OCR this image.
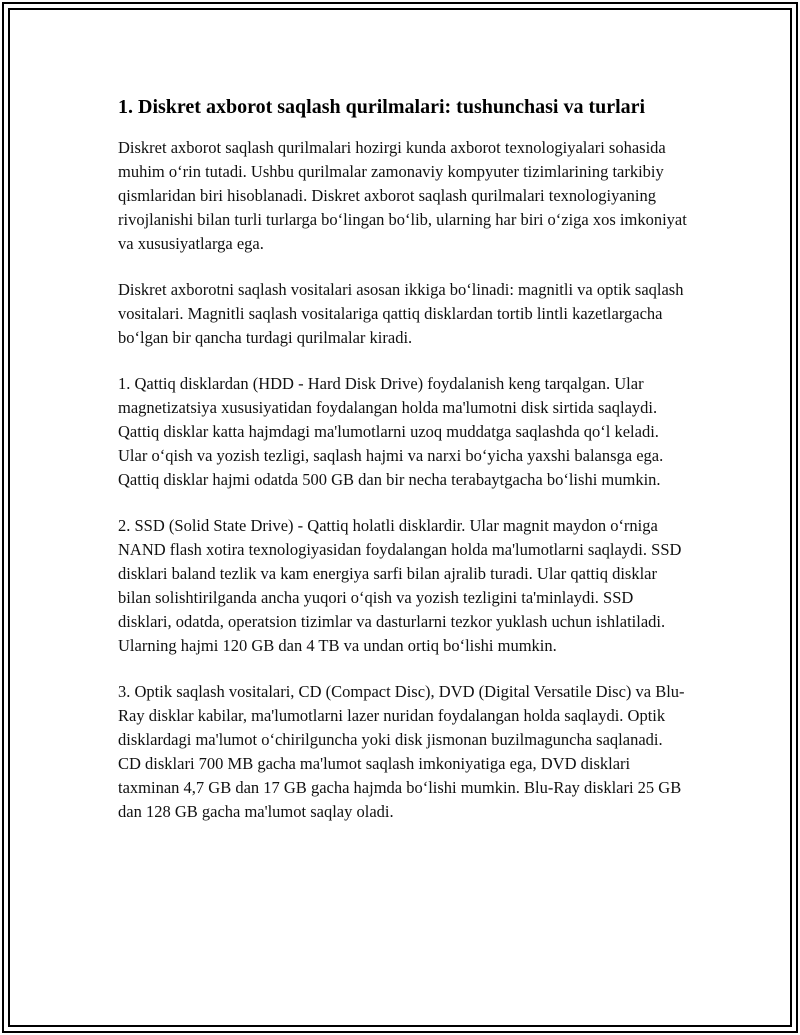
1. Diskret axborot saqlash qurilmalari: tushunchasi va turlari

Diskret axborot saqlash qurilmalari hozirgi kunda axborot texnologiyalari sohasida muhim o‘rin tutadi. Ushbu qurilmalar zamonaviy kompyuter tizimlarining tarkibiy qismlaridan biri hisoblanadi. Diskret axborot saqlash qurilmalari texnologiyaning rivojlanishi bilan turli turlarga bo‘lingan bo‘lib, ularning har biri o‘ziga xos imkoniyat va xususiyatlarga ega.

Diskret axborotni saqlash vositalari asosan ikkiga bo‘linadi: magnitli va optik saqlash vositalari. Magnitli saqlash vositalariga qattiq disklardan tortib lintli kazetlargacha bo‘lgan bir qancha turdagi qurilmalar kiradi.

1. Qattiq disklardan (HDD - Hard Disk Drive) foydalanish keng tarqalgan. Ular magnetizatsiya xususiyatidan foydalangan holda ma'lumotni disk sirtida saqlaydi. Qattiq disklar katta hajmdagi ma'lumotlarni uzoq muddatga saqlashda qo‘l keladi. Ular o‘qish va yozish tezligi, saqlash hajmi va narxi bo‘yicha yaxshi balansga ega. Qattiq disklar hajmi odatda 500 GB dan bir necha terabaytgacha bo‘lishi mumkin.

2. SSD (Solid State Drive) - Qattiq holatli disklardir. Ular magnit maydon o‘rniga NAND flash xotira texnologiyasidan foydalangan holda ma'lumotlarni saqlaydi. SSD disklari baland tezlik va kam energiya sarfi bilan ajralib turadi. Ular qattiq disklar bilan solishtirilganda ancha yuqori o‘qish va yozish tezligini ta'minlaydi. SSD disklari, odatda, operatsion tizimlar va dasturlarni tezkor yuklash uchun ishlatiladi. Ularning hajmi 120 GB dan 4 TB va undan ortiq bo‘lishi mumkin.

3. Optik saqlash vositalari, CD (Compact Disc), DVD (Digital Versatile Disc) va Blu-Ray disklar kabilar, ma'lumotlarni lazer nuridan foydalangan holda saqlaydi. Optik disklardagi ma'lumot o‘chirilguncha yoki disk jismonan buzilmaguncha saqlanadi. CD disklari 700 MB gacha ma'lumot saqlash imkoniyatiga ega, DVD disklari taxminan 4,7 GB dan 17 GB gacha hajmda bo‘lishi mumkin. Blu-Ray disklari 25 GB dan 128 GB gacha ma'lumot saqlay oladi.
